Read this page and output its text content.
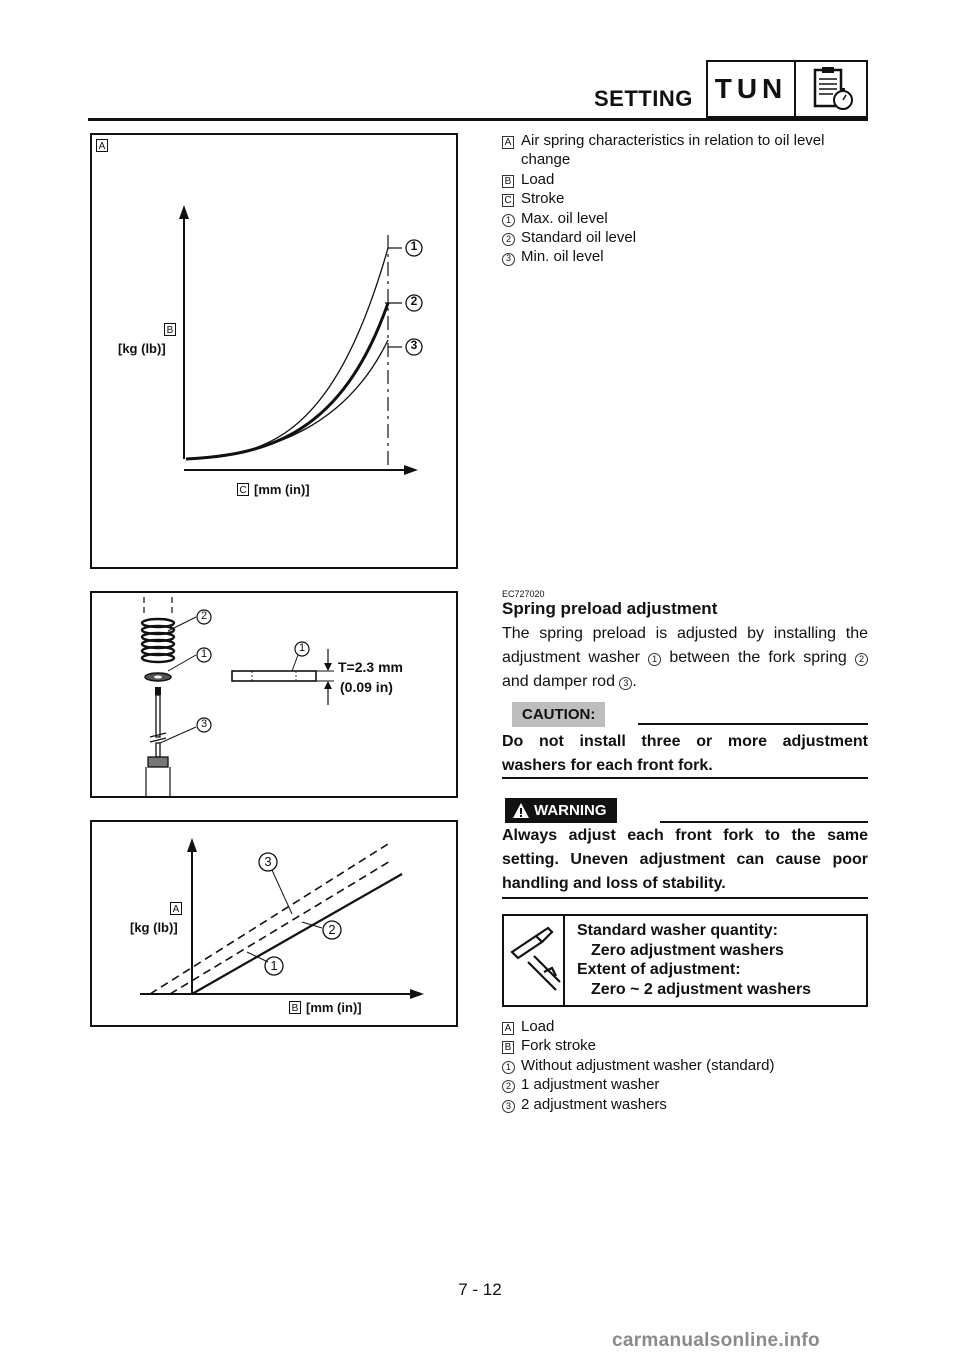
SETTING TUN
A
1
2
3
B
[kg (lb)]
C [mm (in)]
A Air spring characteristics in relation to oil level change
B Load
C Stroke
1 Max. oil level
2 Standard oil level
3 Min. oil level
EC727020
Spring preload adjustment
The spring preload is adjusted by installing the adjustment washer 1 between the fork spring 2 and damper rod 3 .
2
1
3
1
T=2.3 mm
(0.09 in)
CAUTION:
Do not install three or more adjustment washers for each front fork.
WARNING
Always adjust each front fork to the same setting. Uneven adjustment can cause poor handling and loss of stability.
Standard washer quantity:
Zero adjustment washers
Extent of adjustment:
Zero ~ 2 adjustment washers
3
2
1
A
[kg (lb)]
B [mm (in)]
A Load
B Fork stroke
1 Without adjustment washer (standard)
2 1 adjustment washer
3 2 adjustment washers
7 - 12
carmanualsonline.info
